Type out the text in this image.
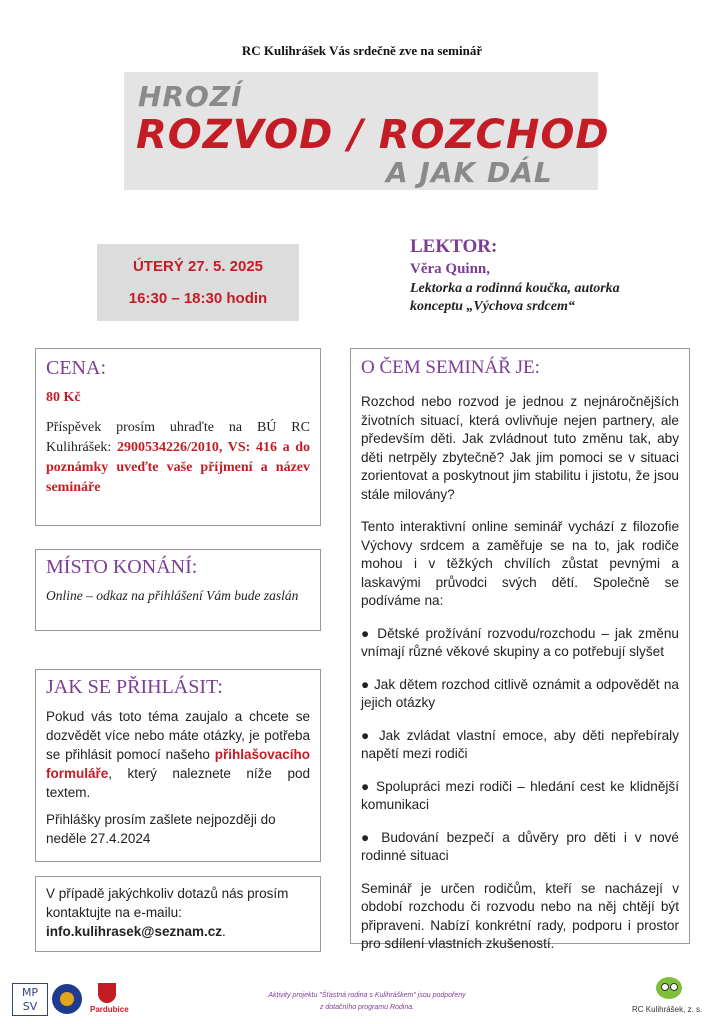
RC Kulihrášek Vás srdečně zve na seminář
HROZÍ
ROZVOD / ROZCHOD
A JAK DÁL
ÚTERÝ 27. 5. 2025
16:30 – 18:30 hodin
LEKTOR:
Věra Quinn,
Lektorka a rodinná koučka, autorka
konceptu „Výchova srdcem“
CENA:
80 Kč

Příspěvek prosím uhraďte na BÚ RC Kulihrášek: 2900534226/2010, VS: 416 a do poznámky uveďte vaše příjmení a název semináře

MÍSTO KONÁNÍ:

Online – odkaz na přihlášení Vám bude zaslán

JAK SE PŘIHLÁSIT:

Pokud vás toto téma zaujalo a chcete se dozvědět více nebo máte otázky, je potřeba se přihlásit pomocí našeho přihlašovacího formuláře, který naleznete níže pod textem.

Přihlášky prosím zašlete nejpozději do neděle 27.4.2024

V případě jakýchkoliv dotazů nás prosím kontaktujte na e-mailu:

info.kulihrasek@seznam.cz.

O ČEM SEMINÁŘ JE:

Rozchod nebo rozvod je jednou z nejnáročnějších životních situací, která ovlivňuje nejen partnery, ale především děti. Jak zvládnout tuto změnu tak, aby děti netrpěly zbytečně? Jak jim pomoci se v situaci zorientovat a poskytnout jim stabilitu i jistotu, že jsou stále milovány?

Tento interaktivní online seminář vychází z filozofie Výchovy srdcem a zaměřuje se na to, jak rodiče mohou i v těžkých chvílích zůstat pevnými a laskavými průvodci svých dětí. Společně se podíváme na:

● Dětské prožívání rozvodu/rozchodu – jak změnu vnímají různé věkové skupiny a co potřebují slyšet

● Jak dětem rozchod citlivě oznámit a odpovědět na jejich otázky

● Jak zvládat vlastní emoce, aby děti nepřebíraly napětí mezi rodiči

● Spolupráci mezi rodiči – hledání cest ke klidnější komunikaci

● Budování bezpečí a důvěry pro děti i v nové rodinné situaci

Seminář je určen rodičům, kteří se nacházejí v období rozchodu či rozvodu nebo na něj chtějí být připraveni. Nabízí konkrétní rady, podporu i prostor pro sdílení vlastních zkušeností.

MP SV	Pardubice
Aktivity projektu "Šťastná rodina s Kulihráškem" jsou podpořeny
z dotačního programu Rodina.	RC Kulihrášek, z. s.
